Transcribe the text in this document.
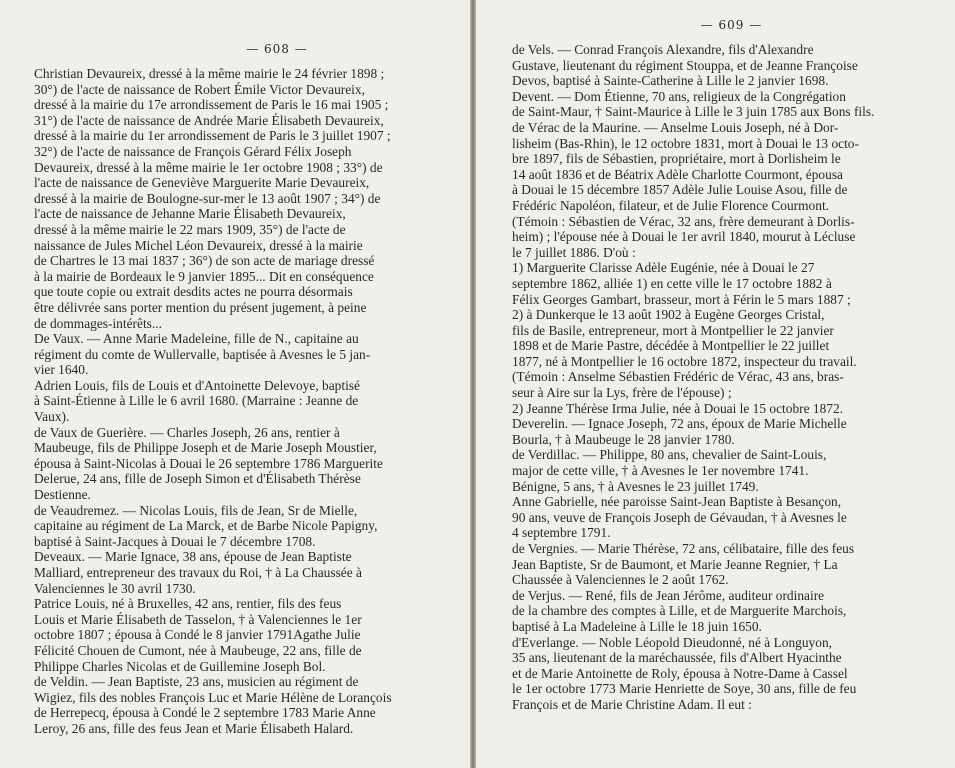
— 608 —
Christian Devaureix, dressé à la même mairie le 24 février 1898 ;
30°) de l'acte de naissance de Robert Émile Victor Devaureix,
dressé à la mairie du 17e arrondissement de Paris le 16 mai 1905 ;
31°) de l'acte de naissance de Andrée Marie Élisabeth Devaureix,
dressé à la mairie du 1er arrondissement de Paris le 3 juillet 1907 ;
32°) de l'acte de naissance de François Gérard Félix Joseph
Devaureix, dressé à la même mairie le 1er octobre 1908 ; 33°) de
l'acte de naissance de Geneviève Marguerite Marie Devaureix,
dressé à la mairie de Boulogne-sur-mer le 13 août 1907 ; 34°) de
l'acte de naissance de Jehanne Marie Élisabeth Devaureix,
dressé à la même mairie le 22 mars 1909, 35°) de l'acte de
naissance de Jules Michel Léon Devaureix, dressé à la mairie
de Chartres le 13 mai 1837 ; 36°) de son acte de mariage dressé
à la mairie de Bordeaux le 9 janvier 1895... Dit en conséquence
que toute copie ou extrait desdits actes ne pourra désormais
être délivrée sans porter mention du présent jugement, à peine
de dommages-intérêts...
De Vaux. — Anne Marie Madeleine, fille de N., capitaine au
régiment du comte de Wullervalle, baptisée à Avesnes le 5 jan-
vier 1640.
Adrien Louis, fils de Louis et d'Antoinette Delevoye, baptisé
à Saint-Étienne à Lille le 6 avril 1680. (Marraine : Jeanne de
Vaux).
de Vaux de Guerière. — Charles Joseph, 26 ans, rentier à
Maubeuge, fils de Philippe Joseph et de Marie Joseph Moustier,
épousa à Saint-Nicolas à Douai le 26 septembre 1786 Marguerite
Delerue, 24 ans, fille de Joseph Simon et d'Élisabeth Thérèse
Destienne.
de Veaudremez. — Nicolas Louis, fils de Jean, Sr de Mielle,
capitaine au régiment de La Marck, et de Barbe Nicole Papigny,
baptisé à Saint-Jacques à Douai le 7 décembre 1708.
Deveaux. — Marie Ignace, 38 ans, épouse de Jean Baptiste
Malliard, entrepreneur des travaux du Roi, † à La Chaussée à
Valenciennes le 30 avril 1730.
Patrice Louis, né à Bruxelles, 42 ans, rentier, fils des feus
Louis et Marie Élisabeth de Tasselon, † à Valenciennes le 1er
octobre 1807 ; épousa à Condé le 8 janvier 1791Agathe Julie
Félicité Chouen de Cumont, née à Maubeuge, 22 ans, fille de
Philippe Charles Nicolas et de Guillemine Joseph Bol.
de Veldin. — Jean Baptiste, 23 ans, musicien au régiment de
Wigiez, fils des nobles François Luc et Marie Hélène de Lorançois
de Herrepecq, épousa à Condé le 2 septembre 1783 Marie Anne
Leroy, 26 ans, fille des feus Jean et Marie Élisabeth Halard.
— 609 —
de Vels. — Conrad François Alexandre, fils d'Alexandre
Gustave, lieutenant du régiment Stouppa, et de Jeanne Françoise
Devos, baptisé à Sainte-Catherine à Lille le 2 janvier 1698.
Devent. — Dom Étienne, 70 ans, religieux de la Congrégation
de Saint-Maur, † Saint-Maurice à Lille le 3 juin 1785 aux Bons fils.
de Vérac de la Maurine. — Anselme Louis Joseph, né à Dor-
lisheim (Bas-Rhin), le 12 octobre 1831, mort à Douai le 13 octo-
bre 1897, fils de Sébastien, propriétaire, mort à Dorlisheim le
14 août 1836 et de Béatrix Adèle Charlotte Courmont, épousa
à Douai le 15 décembre 1857 Adèle Julie Louise Asou, fille de
Frédéric Napoléon, filateur, et de Julie Florence Courmont.
(Témoin : Sébastien de Vérac, 32 ans, frère demeurant à Dorlis-
heim) ; l'épouse née à Douai le 1er avril 1840, mourut à Lécluse
le 7 juillet 1886. D'où :
1) Marguerite Clarisse Adèle Eugénie, née à Douai le 27
septembre 1862, alliée 1) en cette ville le 17 octobre 1882 à
Félix Georges Gambart, brasseur, mort à Férin le 5 mars 1887 ;
2) à Dunkerque le 13 août 1902 à Eugène Georges Cristal,
fils de Basile, entrepreneur, mort à Montpellier le 22 janvier
1898 et de Marie Pastre, décédée à Montpellier le 22 juillet
1877, né à Montpellier le 16 octobre 1872, inspecteur du travail.
(Témoin : Anselme Sébastien Frédéric de Vérac, 43 ans, bras-
seur à Aire sur la Lys, frère de l'épouse) ;
2) Jeanne Thérèse Irma Julie, née à Douai le 15 octobre 1872.
Deverelin. — Ignace Joseph, 72 ans, époux de Marie Michelle
Bourla, † à Maubeuge le 28 janvier 1780.
de Verdillac. — Philippe, 80 ans, chevalier de Saint-Louis,
major de cette ville, † à Avesnes le 1er novembre 1741.
Bénigne, 5 ans, † à Avesnes le 23 juillet 1749.
Anne Gabrielle, née paroisse Saint-Jean Baptiste à Besançon,
90 ans, veuve de François Joseph de Gévaudan, † à Avesnes le
4 septembre 1791.
de Vergnies. — Marie Thérèse, 72 ans, célibataire, fille des feus
Jean Baptiste, Sr de Baumont, et Marie Jeanne Regnier, † La
Chaussée à Valenciennes le 2 août 1762.
de Verjus. — René, fils de Jean Jérôme, auditeur ordinaire
de la chambre des comptes à Lille, et de Marguerite Marchois,
baptisé à La Madeleine à Lille le 18 juin 1650.
d'Everlange. — Noble Léopold Dieudonné, né à Longuyon,
35 ans, lieutenant de la maréchaussée, fils d'Albert Hyacinthe
et de Marie Antoinette de Roly, épousa à Notre-Dame à Cassel
le 1er octobre 1773 Marie Henriette de Soye, 30 ans, fille de feu
François et de Marie Christine Adam. Il eut :
